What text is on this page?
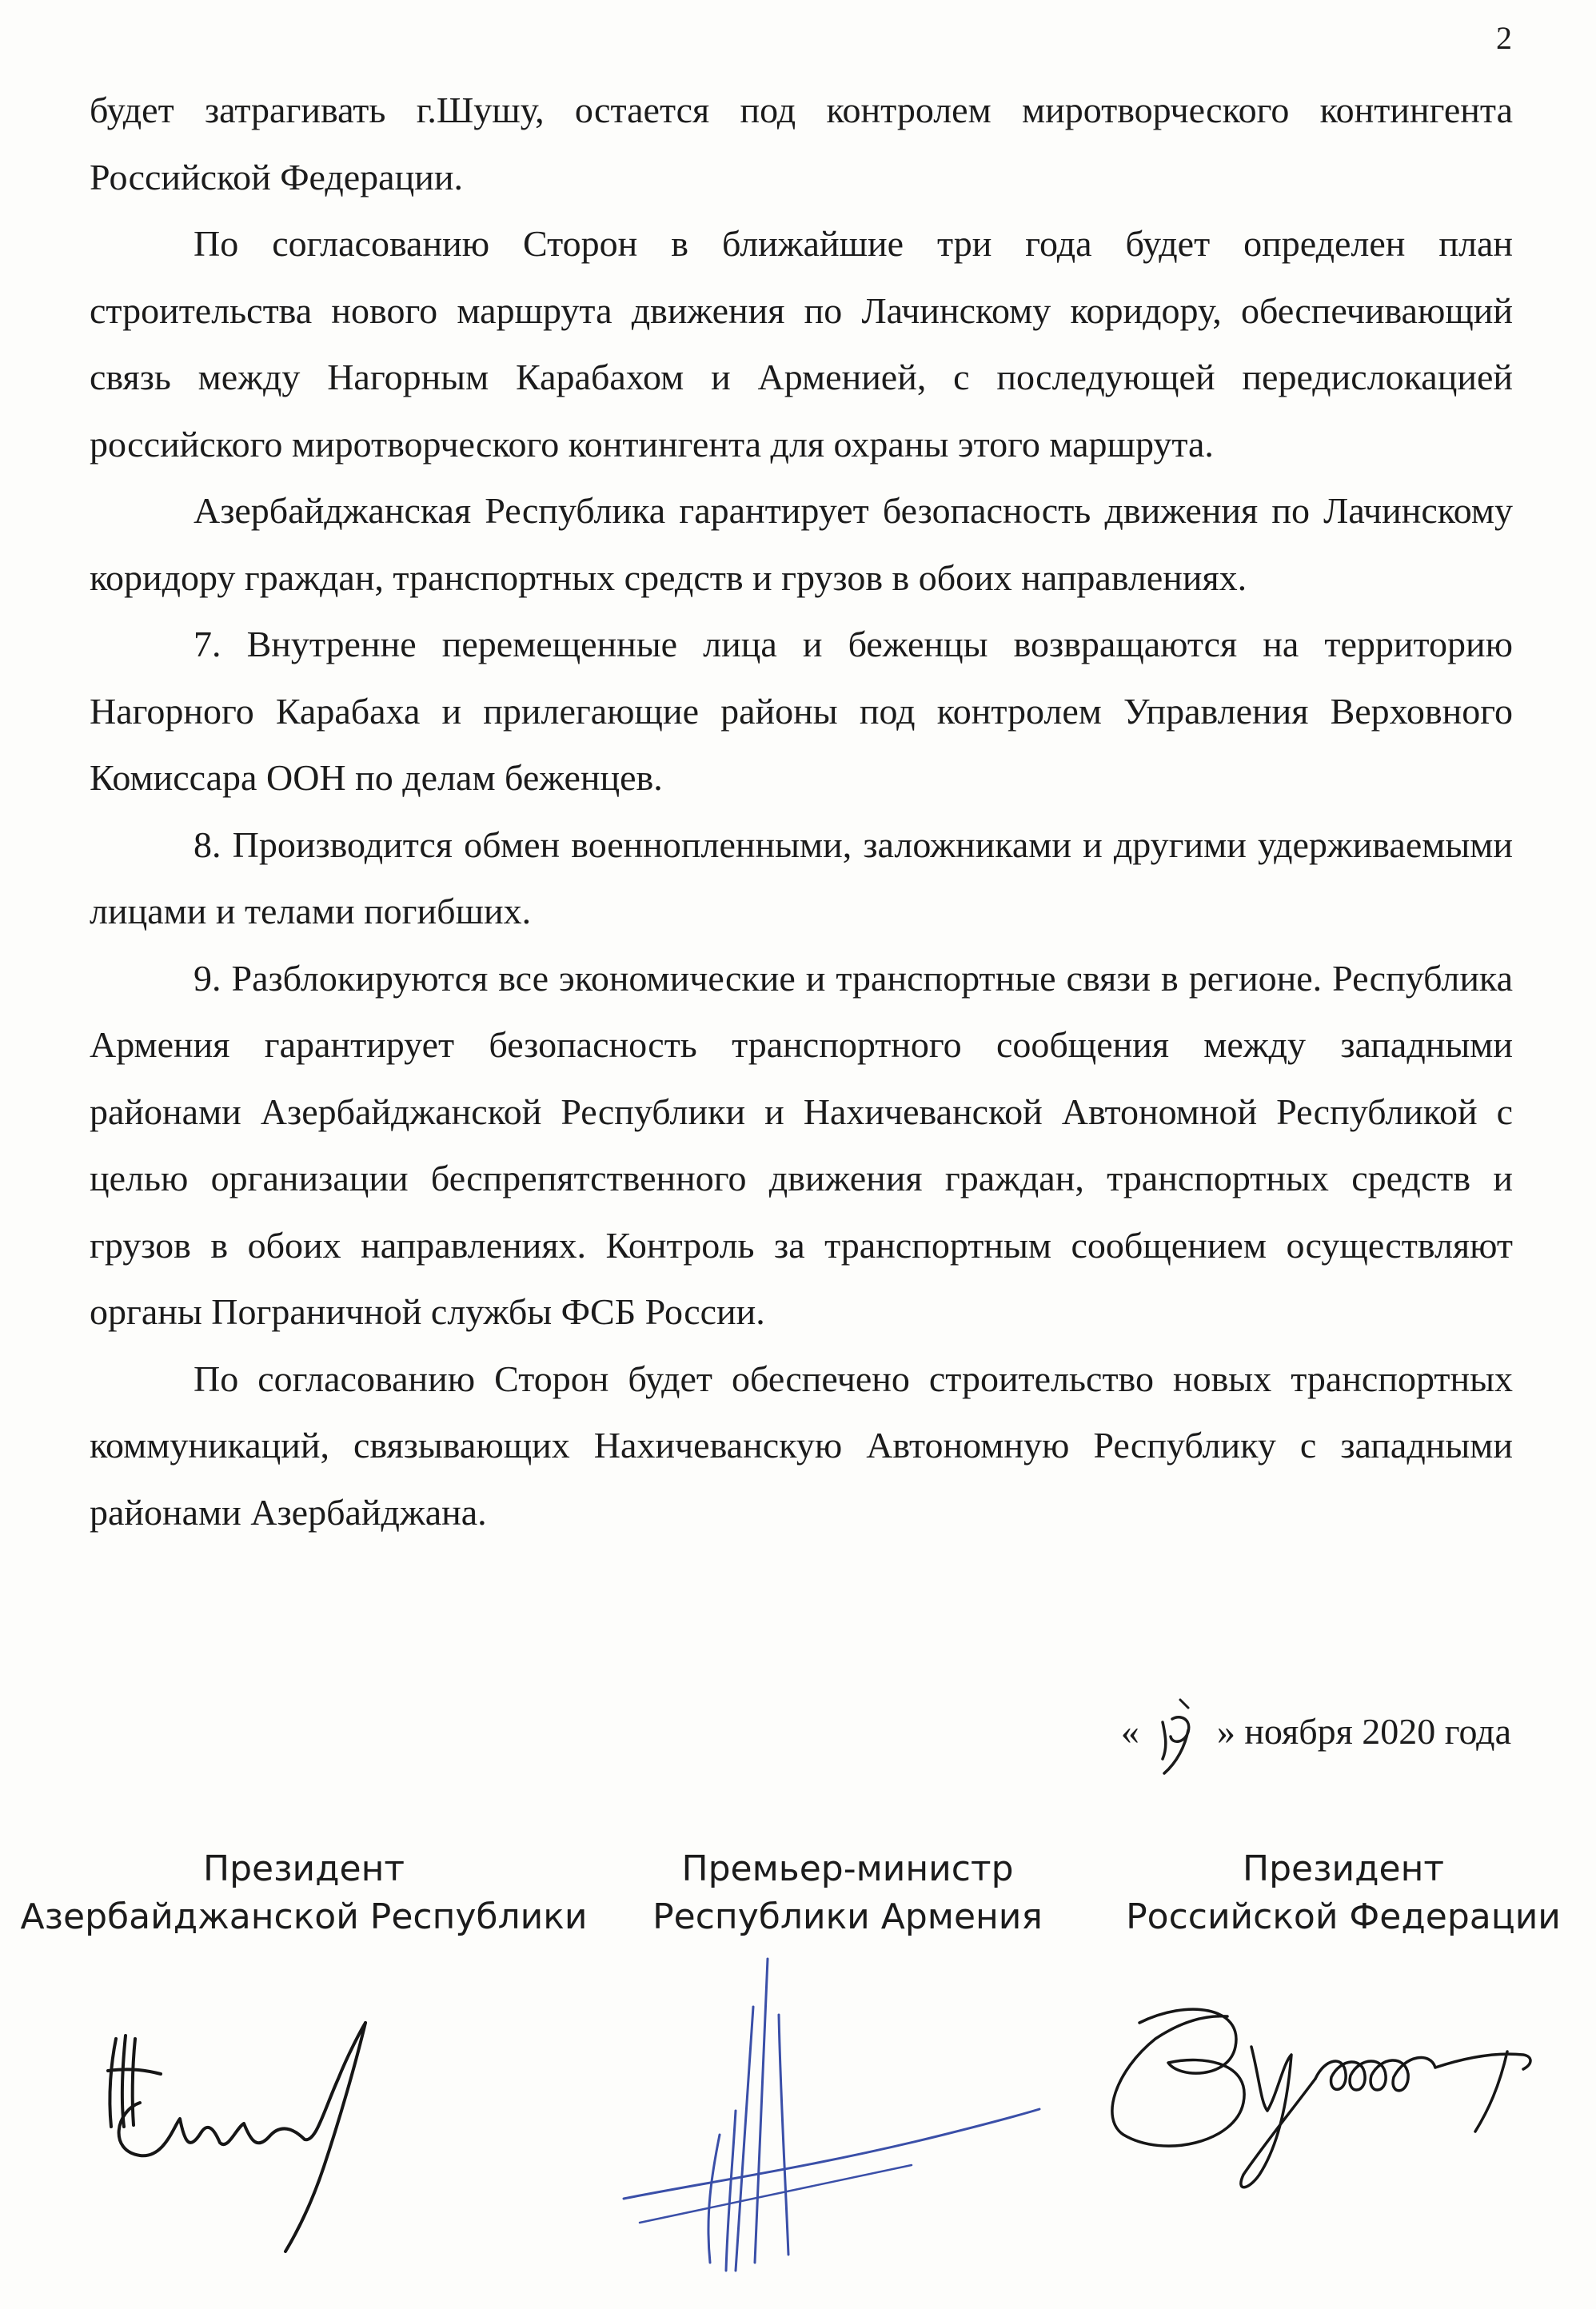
2

будет затрагивать г.Шушу, остается под контролем миротворческого контингента Российской Федерации.

По согласованию Сторон в ближайшие три года будет определен план строительства нового маршрута движения по Лачинскому коридору, обеспечивающий связь между Нагорным Карабахом и Арменией, с последующей передислокацией российского миротворческого контингента для охраны этого маршрута.

Азербайджанская Республика гарантирует безопасность движения по Лачинскому коридору граждан, транспортных средств и грузов в обоих направлениях.

7. Внутренне перемещенные лица и беженцы возвращаются на территорию Нагорного Карабаха и прилегающие районы под контролем Управления Верховного Комиссара ООН по делам беженцев.

8. Производится обмен военнопленными, заложниками и другими удерживаемыми лицами и телами погибших.

9. Разблокируются все экономические и транспортные связи в регионе. Республика Армения гарантирует безопасность транспортного сообщения между западными районами Азербайджанской Республики и Нахичеванской Автономной Республикой с целью организации беспрепятственного движения граждан, транспортных средств и грузов в обоих направлениях. Контроль за транспортным сообщением осуществляют органы Пограничной службы ФСБ России.

По согласованию Сторон будет обеспечено строительство новых транспортных коммуникаций, связывающих Нахичеванскую Автономную Республику с западными районами Азербайджана.

« » ноября 2020 года
Президент
Азербайджанской Республики
Премьер-министр
Республики Армения
Президент
Российской Федерации
